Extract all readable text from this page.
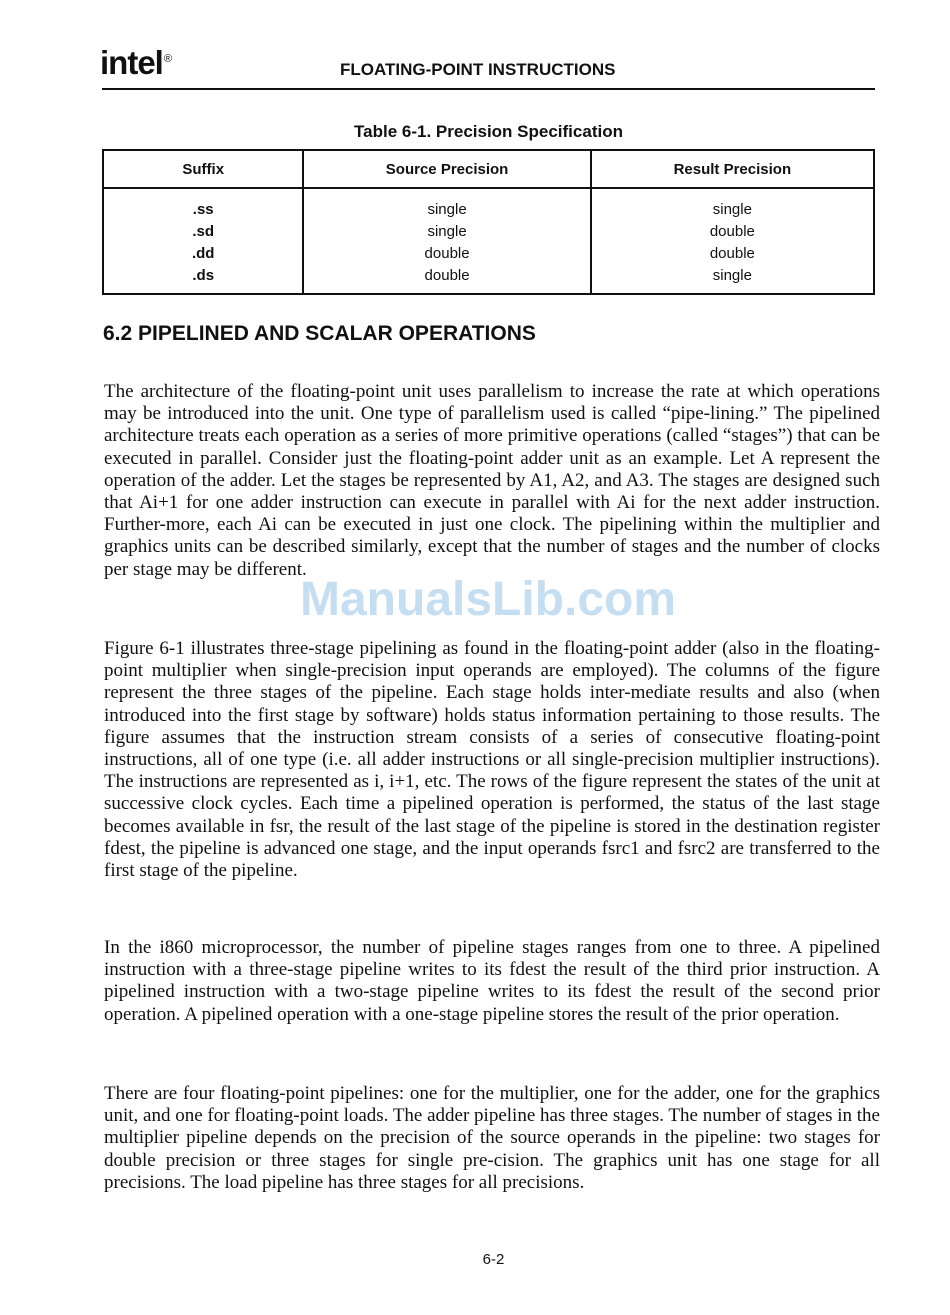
intel®
FLOATING-POINT INSTRUCTIONS
Table 6-1. Precision Specification
Suffix	Source Precision	Result Precision
.ss	single	single
.sd	single	double
.dd	double	double
.ds	double	single
6.2 PIPELINED AND SCALAR OPERATIONS

The architecture of the floating-point unit uses parallelism to increase the rate at which operations may be introduced into the unit. One type of parallelism used is called “pipe-lining.” The pipelined architecture treats each operation as a series of more primitive operations (called “stages”) that can be executed in parallel. Consider just the floating-point adder unit as an example. Let A represent the operation of the adder. Let the stages be represented by A1, A2, and A3. The stages are designed such that Ai+1 for one adder instruction can execute in parallel with Ai for the next adder instruction. Further-more, each Ai can be executed in just one clock. The pipelining within the multiplier and graphics units can be described similarly, except that the number of stages and the number of clocks per stage may be different.

Figure 6-1 illustrates three-stage pipelining as found in the floating-point adder (also in the floating-point multiplier when single-precision input operands are employed). The columns of the figure represent the three stages of the pipeline. Each stage holds inter-mediate results and also (when introduced into the first stage by software) holds status information pertaining to those results. The figure assumes that the instruction stream consists of a series of consecutive floating-point instructions, all of one type (i.e. all adder instructions or all single-precision multiplier instructions). The instructions are represented as i, i+1, etc. The rows of the figure represent the states of the unit at successive clock cycles. Each time a pipelined operation is performed, the status of the last stage becomes available in fsr, the result of the last stage of the pipeline is stored in the destination register fdest, the pipeline is advanced one stage, and the input operands fsrc1 and fsrc2 are transferred to the first stage of the pipeline.

In the i860 microprocessor, the number of pipeline stages ranges from one to three. A pipelined instruction with a three-stage pipeline writes to its fdest the result of the third prior instruction. A pipelined instruction with a two-stage pipeline writes to its fdest the result of the second prior operation. A pipelined operation with a one-stage pipeline stores the result of the prior operation.

There are four floating-point pipelines: one for the multiplier, one for the adder, one for the graphics unit, and one for floating-point loads. The adder pipeline has three stages. The number of stages in the multiplier pipeline depends on the precision of the source operands in the pipeline: two stages for double precision or three stages for single pre-cision. The graphics unit has one stage for all precisions. The load pipeline has three stages for all precisions.

ManualsLib.com
6-2
